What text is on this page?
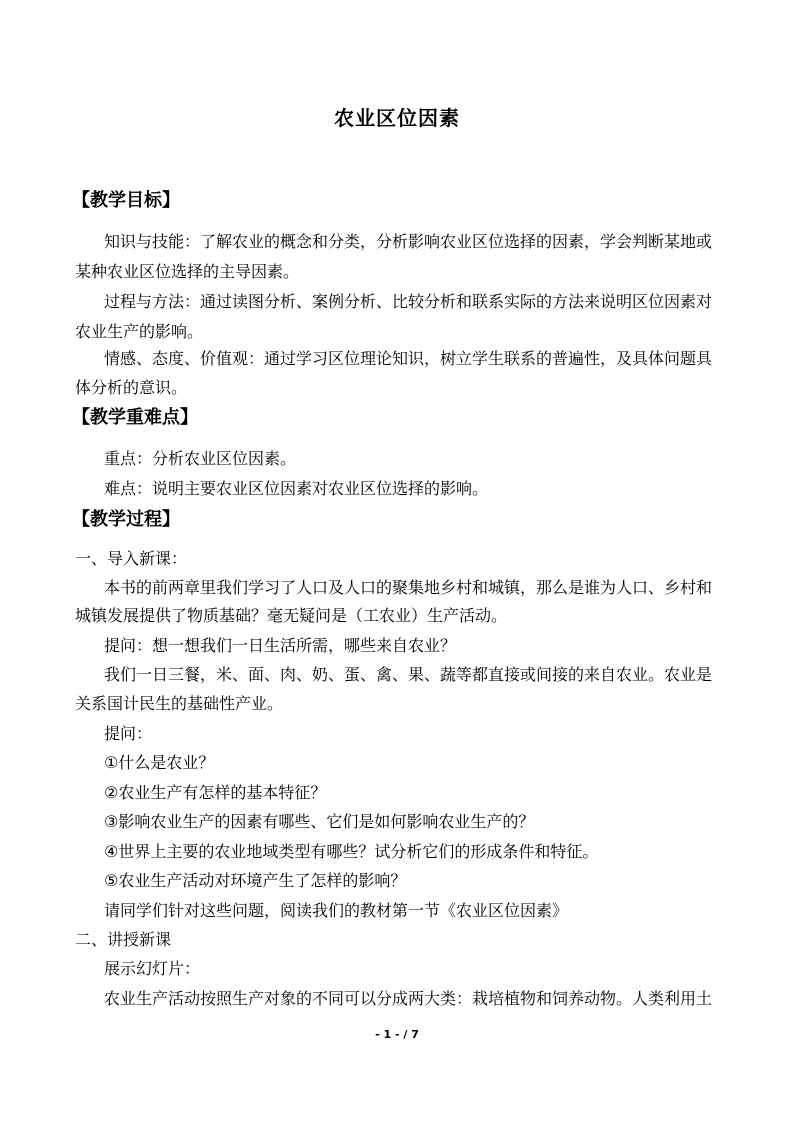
农业区位因素
【教学目标】
知识与技能：了解农业的概念和分类，分析影响农业区位选择的因素，学会判断某地或
某种农业区位选择的主导因素。
过程与方法：通过读图分析、案例分析、比较分析和联系实际的方法来说明区位因素对
农业生产的影响。
情感、态度、价值观：通过学习区位理论知识，树立学生联系的普遍性，及具体问题具
体分析的意识。
【教学重难点】
重点：分析农业区位因素。
难点：说明主要农业区位因素对农业区位选择的影响。
【教学过程】
一、导入新课：
本书的前两章里我们学习了人口及人口的聚集地乡村和城镇，那么是谁为人口、乡村和
城镇发展提供了物质基础？毫无疑问是（工农业）生产活动。
提问：想一想我们一日生活所需，哪些来自农业？
我们一日三餐，米、面、肉、奶、蛋、禽、果、蔬等都直接或间接的来自农业。农业是
关系国计民生的基础性产业。
提问：
①什么是农业？
②农业生产有怎样的基本特征？
③影响农业生产的因素有哪些、它们是如何影响农业生产的？
④世界上主要的农业地域类型有哪些？试分析它们的形成条件和特征。
⑤农业生产活动对环境产生了怎样的影响？
请同学们针对这些问题，阅读我们的教材第一节《农业区位因素》
二、讲授新课
展示幻灯片：
农业生产活动按照生产对象的不同可以分成两大类：栽培植物和饲养动物。人类利用土
- 1 - / 7
